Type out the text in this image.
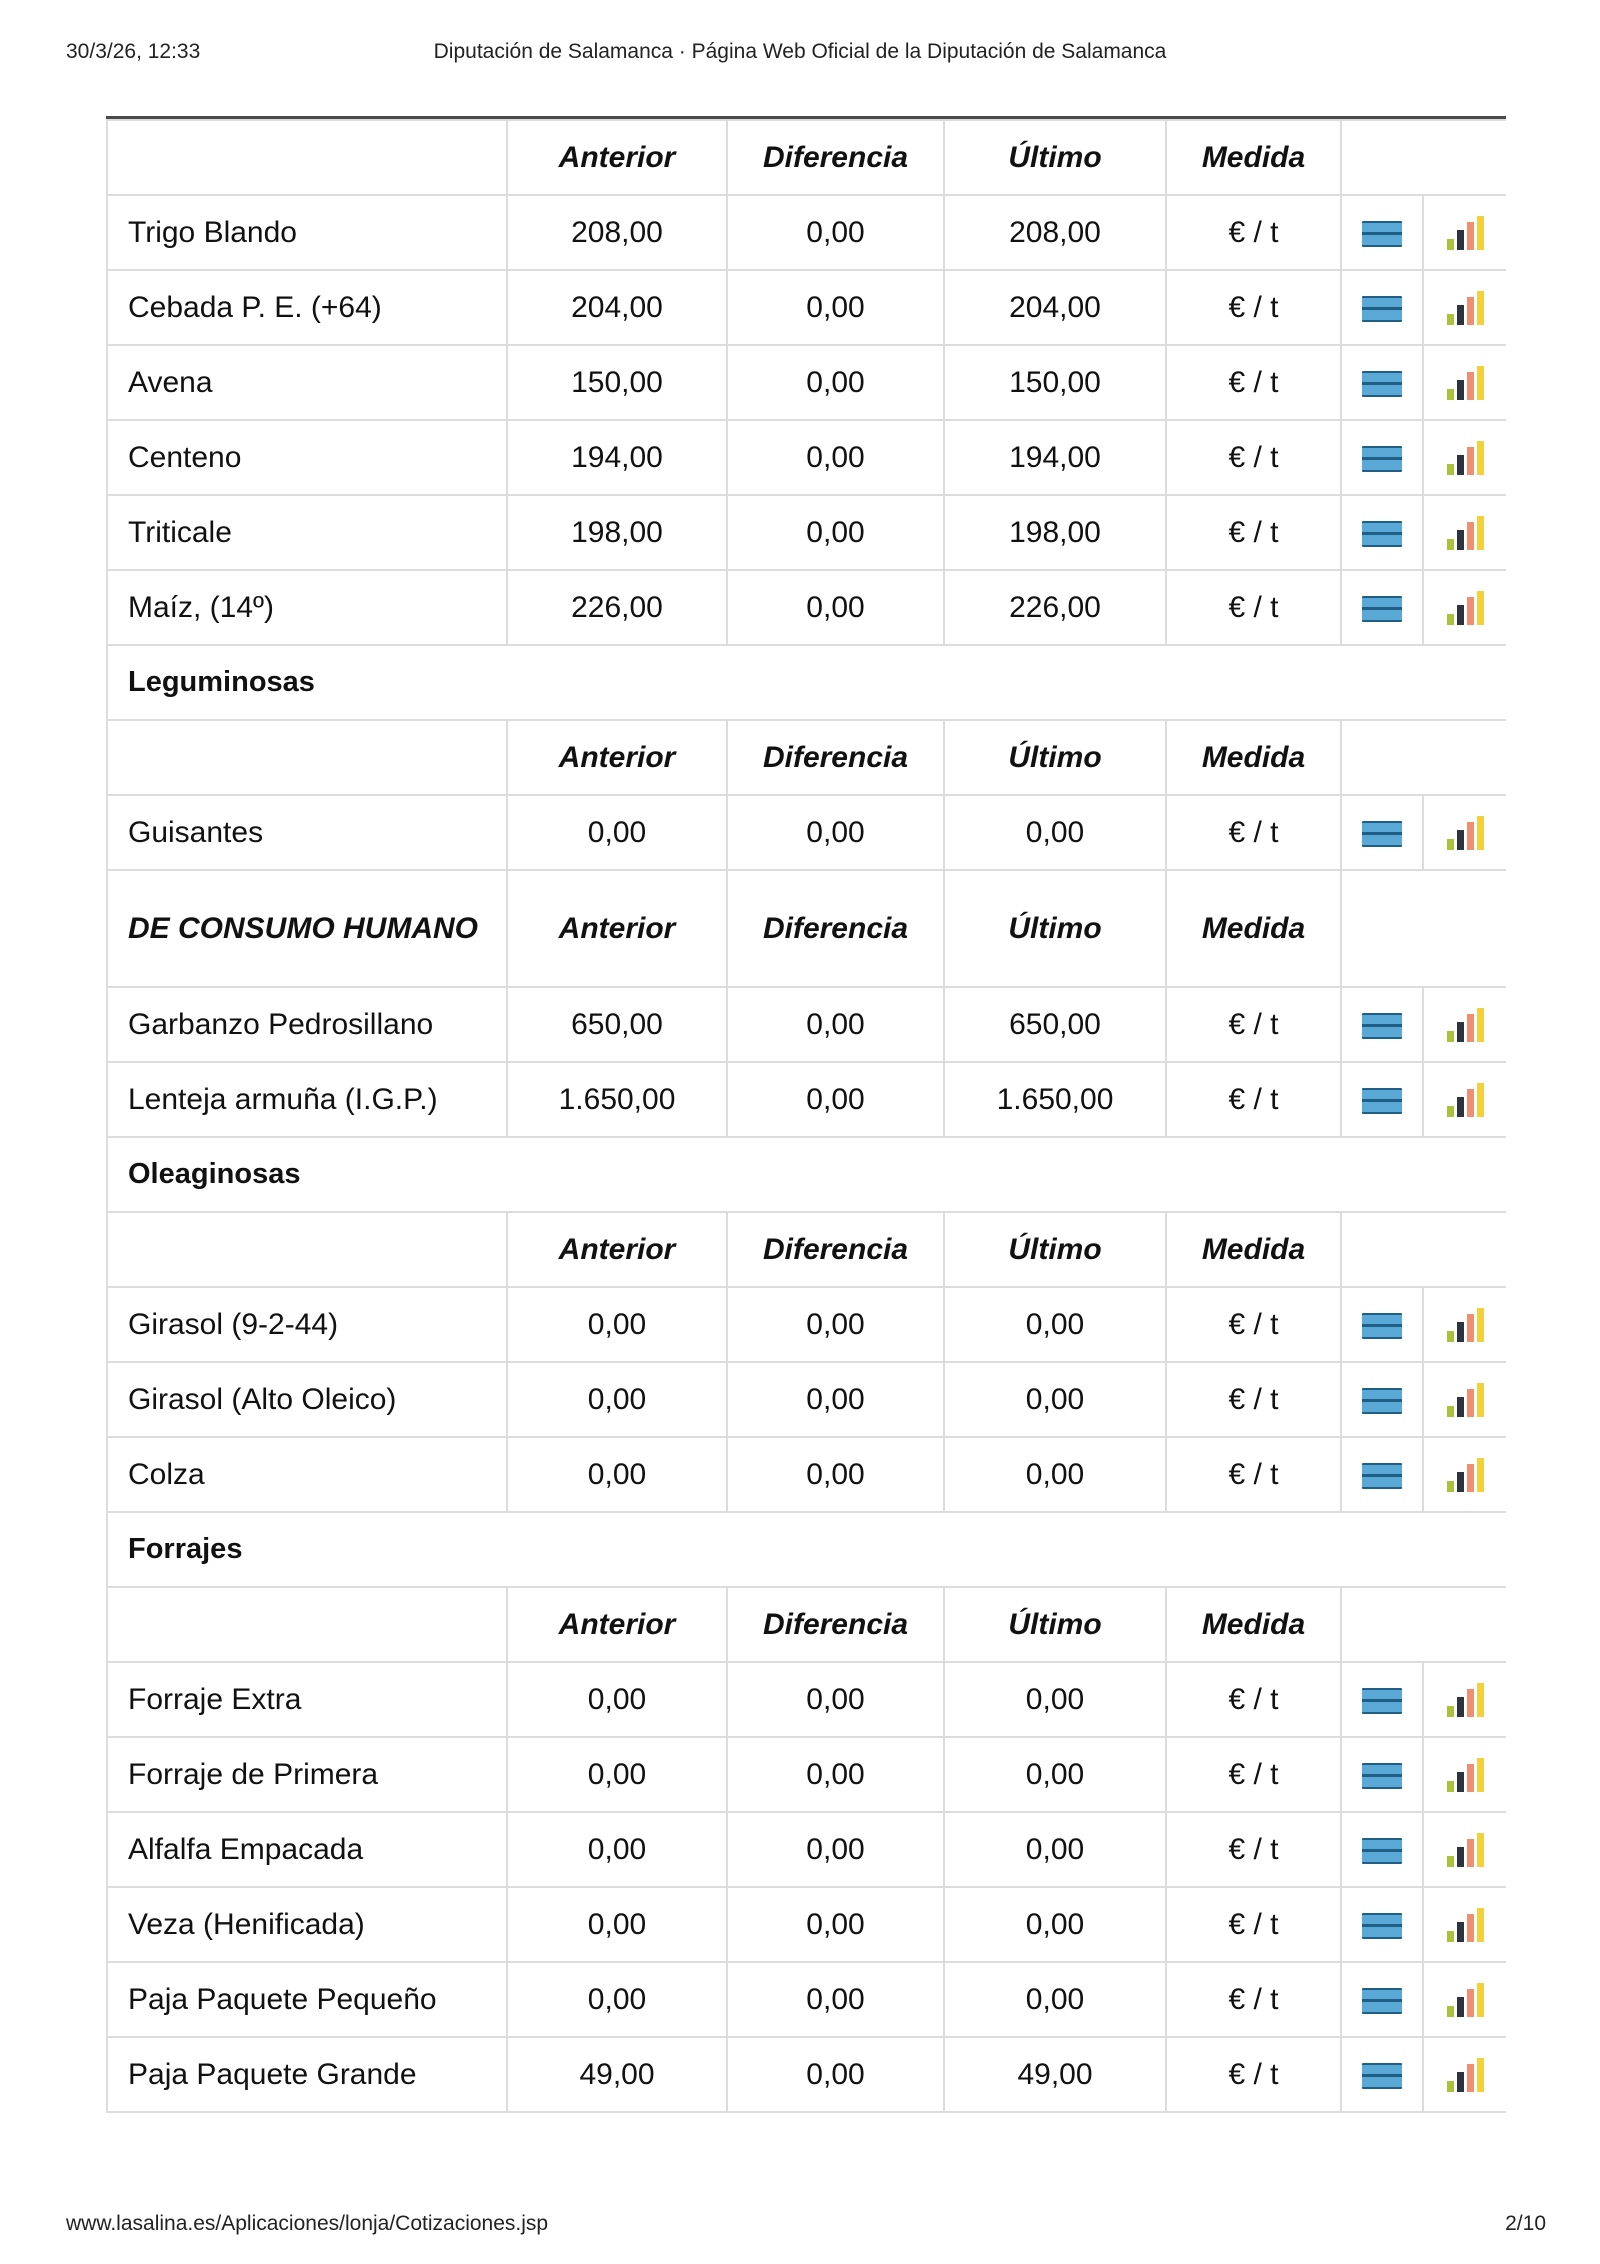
30/3/26, 12:33	Diputación de Salamanca · Página Web Oficial de la Diputación de Salamanca
	Anterior	Diferencia	Último	Medida		
Trigo Blando	208,00	0,00	208,00	€ / t		

Cebada P. E. (+64)	204,00	0,00	204,00	€ / t		

Avena	150,00	0,00	150,00	€ / t		

Centeno	194,00	0,00	194,00	€ / t		

Triticale	198,00	0,00	198,00	€ / t		

Maíz, (14º)	226,00	0,00	226,00	€ / t		

Leguminosas						
	Anterior	Diferencia	Último	Medida		
Guisantes	0,00	0,00	0,00	€ / t		

DE CONSUMO HUMANO	Anterior	Diferencia	Último	Medida		
Garbanzo Pedrosillano	650,00	0,00	650,00	€ / t		

Lenteja armuña (I.G.P.)	1.650,00	0,00	1.650,00	€ / t		

Oleaginosas						
	Anterior	Diferencia	Último	Medida		
Girasol (9-2-44)	0,00	0,00	0,00	€ / t		

Girasol (Alto Oleico)	0,00	0,00	0,00	€ / t		

Colza	0,00	0,00	0,00	€ / t		

Forrajes						
	Anterior	Diferencia	Último	Medida		
Forraje Extra	0,00	0,00	0,00	€ / t		

Forraje de Primera	0,00	0,00	0,00	€ / t		

Alfalfa Empacada	0,00	0,00	0,00	€ / t		

Veza (Henificada)	0,00	0,00	0,00	€ / t		

Paja Paquete Pequeño	0,00	0,00	0,00	€ / t		

Paja Paquete Grande	49,00	0,00	49,00	€ / t		
www.lasalina.es/Aplicaciones/lonja/Cotizaciones.jsp	2/10
